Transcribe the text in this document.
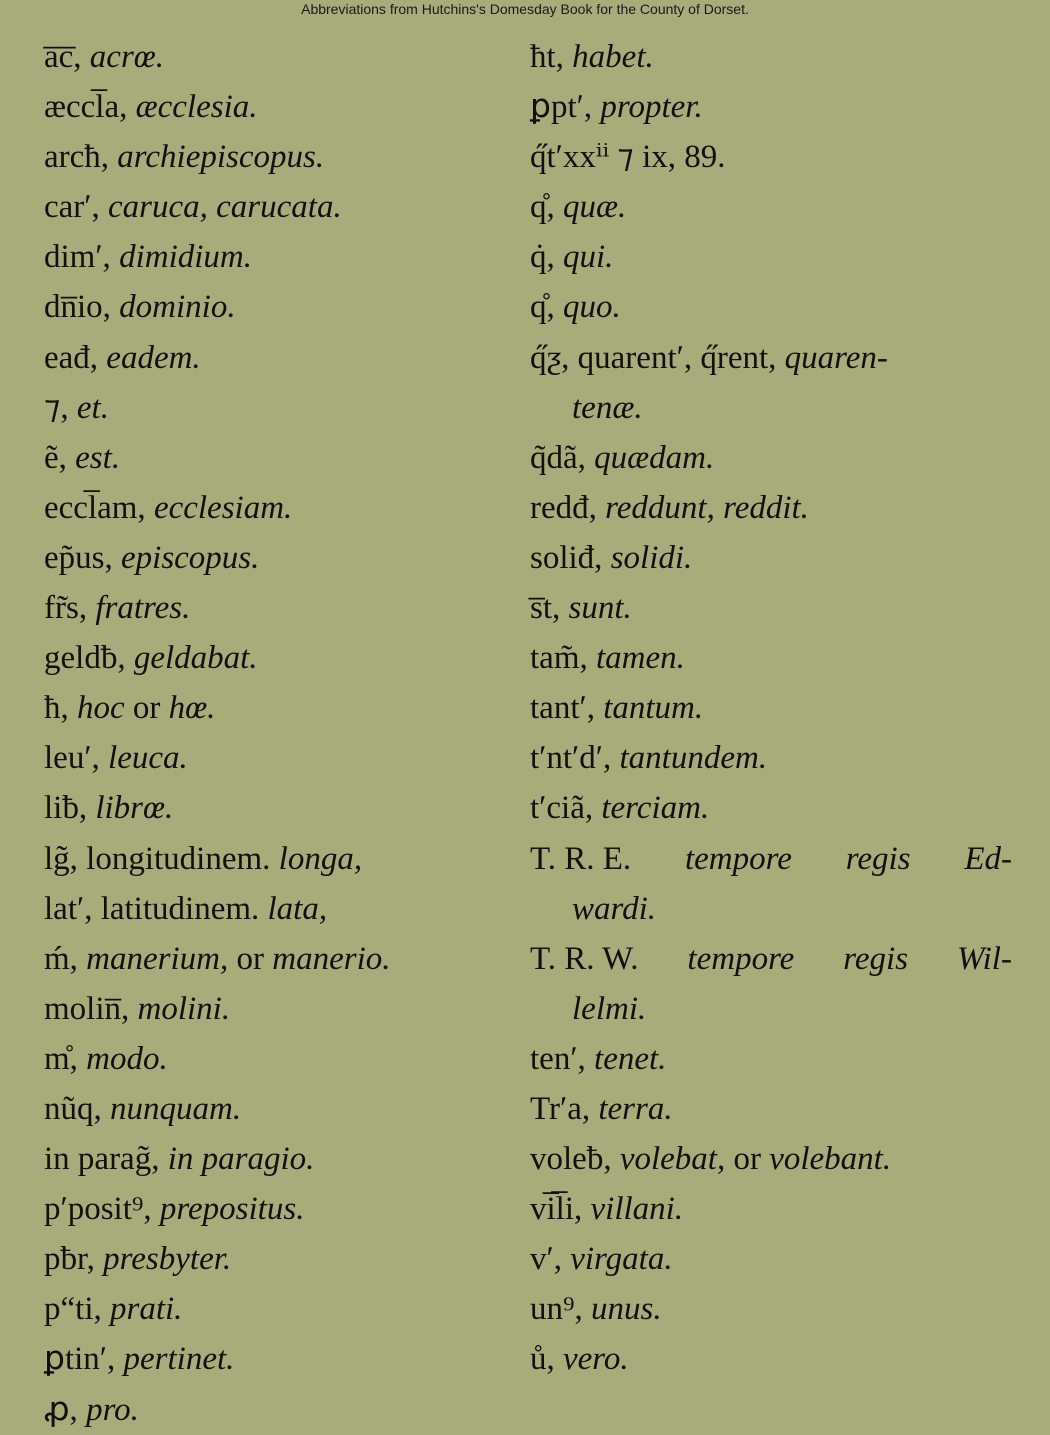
Abbreviations from Hutchins's Domesday Book for the County of Dorset.
a̅c̅, acrœ.
æccl̅a, æcclesia.
arcħ, archiepiscopus.
carʹ, caruca, carucata.
dimʹ, dimidium.
dn̅io, dominio.
eađ, eadem.
⁊, et.
ẽ, est.
eccl̅am, ecclesiam.
ep̃us, episcopus.
fr̃s, fratres.
geldƀ, geldabat.
ħ, hoc or hœ.
leuʹ, leuca.
liƀ, librœ.
lg̃, longitudinem. longa,
latʹ, latitudinem. lata,
ḿ, manerium, or manerio.
molin̅, molini.
m̊, modo.
nũq, nunquam.
in parag̃, in paragio.
pʹposit⁹, prepositus.
pƀr, presbyter.
p“ti, prati.
ꝑtinʹ, pertinet.
ꝓ, pro.
ħt, habet.
ꝑptʹ, propter.
q̋tʹxxⁱⁱ ⁊ ix, 89.
q̊, quæ.
q̇, qui.
q̊, quo.
q̋ƺ, quarentʹ, q̋rent, quaren-
tenæ.
q̃dã, quædam.
redđ, reddunt, reddit.
soliđ, solidi.
s̅t, sunt.
tam̃, tamen.
tantʹ, tantum.
tʹntʹdʹ, tantundem.
tʹciã, terciam.
T. R. E. tempore regis Ed-
wardi.
T. R. W. tempore regis Wil-
lelmi.
tenʹ, tenet.
Trʹa, terra.
voleƀ, volebat, or volebant.
vi̅l̅i, villani.
vʹ, virgata.
un⁹, unus.
ů, vero.
